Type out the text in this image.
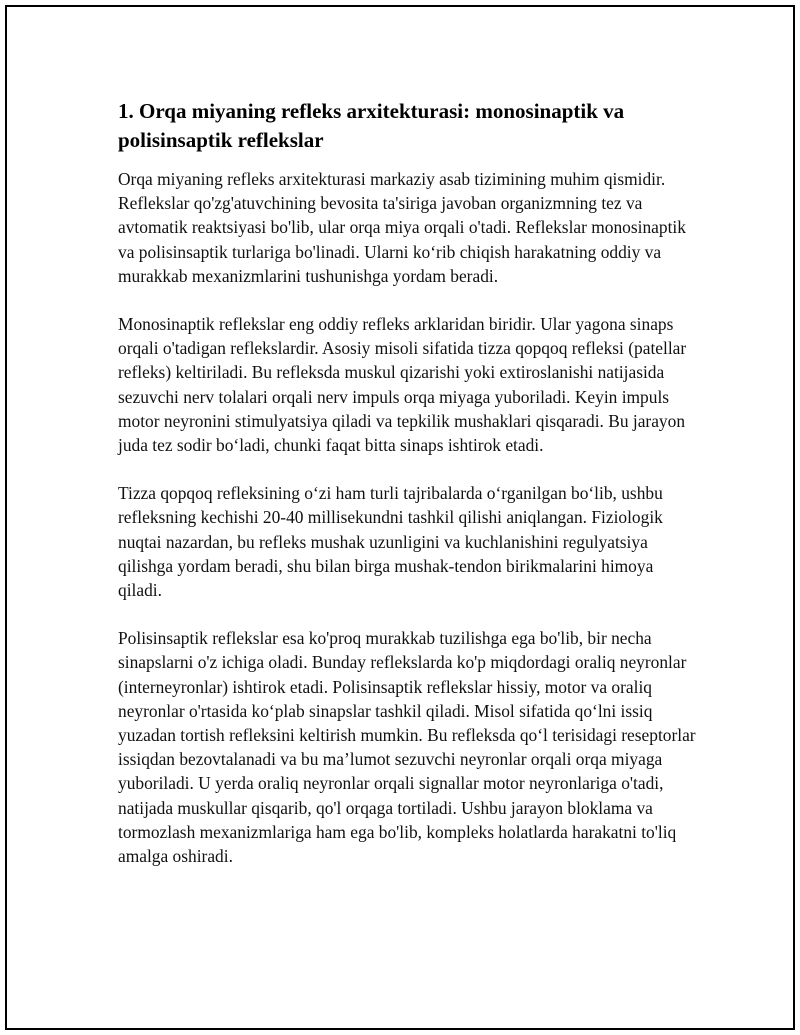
1. Orqa miyaning refleks arxitekturasi: monosinaptik va polisinsaptik reflekslar

Orqa miyaning refleks arxitekturasi markaziy asab tizimining muhim qismidir. Reflekslar qo'zg'atuvchining bevosita ta'siriga javoban organizmning tez va avtomatik reaktsiyasi bo'lib, ular orqa miya orqali o'tadi. Reflekslar monosinaptik va polisinsaptik turlariga bo'linadi. Ularni ko‘rib chiqish harakatning oddiy va murakkab mexanizmlarini tushunishga yordam beradi.

Monosinaptik reflekslar eng oddiy refleks arklaridan biridir. Ular yagona sinaps orqali o'tadigan reflekslardir. Asosiy misoli sifatida tizza qopqoq refleksi (patellar refleks) keltiriladi. Bu refleksda muskul qizarishi yoki extiroslanishi natijasida sezuvchi nerv tolalari orqali nerv impuls orqa miyaga yuboriladi. Keyin impuls motor neyronini stimulyatsiya qiladi va tepkilik mushaklari qisqaradi. Bu jarayon juda tez sodir bo‘ladi, chunki faqat bitta sinaps ishtirok etadi.

Tizza qopqoq refleksining o‘zi ham turli tajribalarda o‘rganilgan bo‘lib, ushbu refleksning kechishi 20-40 millisekundni tashkil qilishi aniqlangan. Fiziologik nuqtai nazardan, bu refleks mushak uzunligini va kuchlanishini regulyatsiya qilishga yordam beradi, shu bilan birga mushak-tendon birikmalarini himoya qiladi.

Polisinsaptik reflekslar esa ko'proq murakkab tuzilishga ega bo'lib, bir necha sinapslarni o'z ichiga oladi. Bunday reflekslarda ko'p miqdordagi oraliq neyronlar (interneyronlar) ishtirok etadi. Polisinsaptik reflekslar hissiy, motor va oraliq neyronlar o'rtasida ko‘plab sinapslar tashkil qiladi. Misol sifatida qo‘lni issiq yuzadan tortish refleksini keltirish mumkin. Bu refleksda qo‘l terisidagi reseptorlar issiqdan bezovtalanadi va bu ma’lumot sezuvchi neyronlar orqali orqa miyaga yuboriladi. U yerda oraliq neyronlar orqali signallar motor neyronlariga o'tadi, natijada muskullar qisqarib, qo'l orqaga tortiladi. Ushbu jarayon bloklama va tormozlash mexanizmlariga ham ega bo'lib, kompleks holatlarda harakatni to'liq amalga oshiradi.
